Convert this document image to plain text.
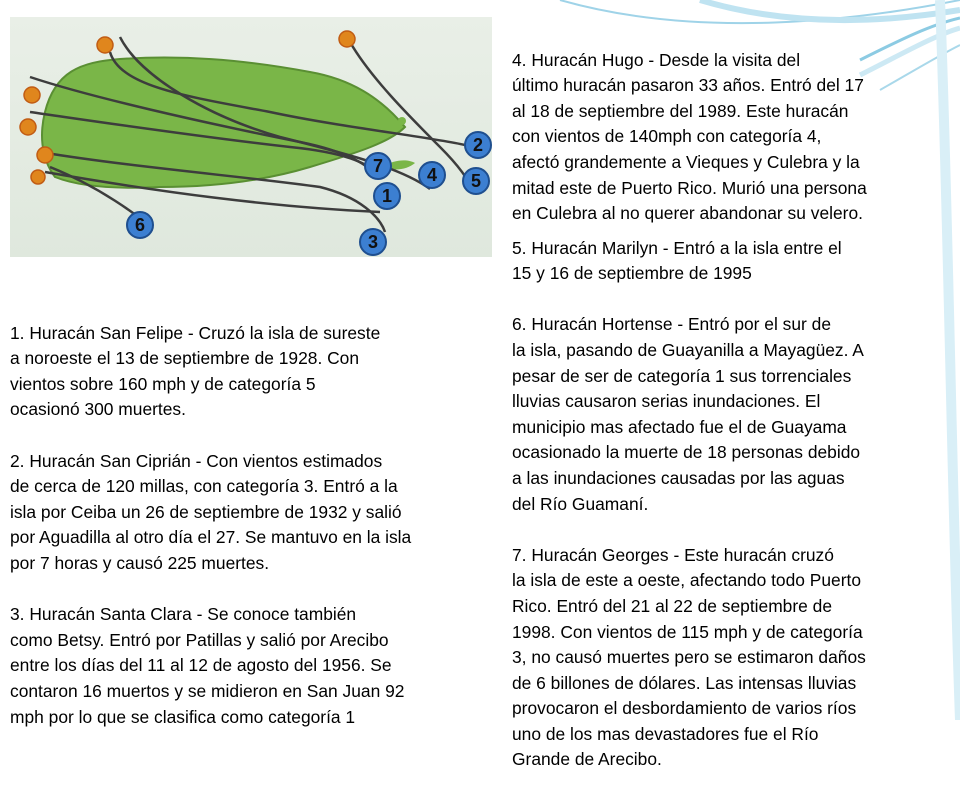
2
7 4 5
1
6
3

4. Huracán Hugo - Desde la visita del
último huracán pasaron 33 años. Entró del 17
al 18 de septiembre del 1989. Este huracán
con vientos de 140mph con categoría 4,
afectó grandemente a Vieques y Culebra y la
mitad este de Puerto Rico. Murió una persona
en Culebra al no querer abandonar su velero.

5. Huracán Marilyn - Entró a la isla entre el
15 y 16 de septiembre de 1995

6. Huracán Hortense - Entró por el sur de
la isla, pasando de Guayanilla a Mayagüez. A
pesar de ser de categoría 1 sus torrenciales
lluvias causaron serias inundaciones. El
municipio mas afectado fue el de Guayama
ocasionado la muerte de 18 personas debido
a las inundaciones causadas por las aguas
del Río Guamaní.

7. Huracán Georges - Este huracán cruzó
la isla de este a oeste, afectando todo Puerto
Rico. Entró del 21 al 22 de septiembre de
1998. Con vientos de 115 mph y de categoría
3, no causó muertes pero se estimaron daños
de 6 billones de dólares. Las intensas lluvias
provocaron el desbordamiento de varios ríos
uno de los mas devastadores fue el Río
Grande de Arecibo.

1. Huracán San Felipe - Cruzó la isla de sureste
a noroeste el 13 de septiembre de 1928. Con
vientos sobre 160 mph y de categoría 5
ocasionó 300 muertes.

2. Huracán San Ciprián - Con vientos estimados
de cerca de 120 millas, con categoría 3. Entró a la
isla por Ceiba un 26 de septiembre de 1932 y salió
por Aguadilla al otro día el 27. Se mantuvo en la isla
por 7 horas y causó 225 muertes.

3. Huracán Santa Clara - Se conoce también
como Betsy. Entró por Patillas y salió por Arecibo
entre los días del 11 al 12 de agosto del 1956. Se
contaron 16 muertos y se midieron en San Juan 92
mph por lo que se clasifica como categoría 1
